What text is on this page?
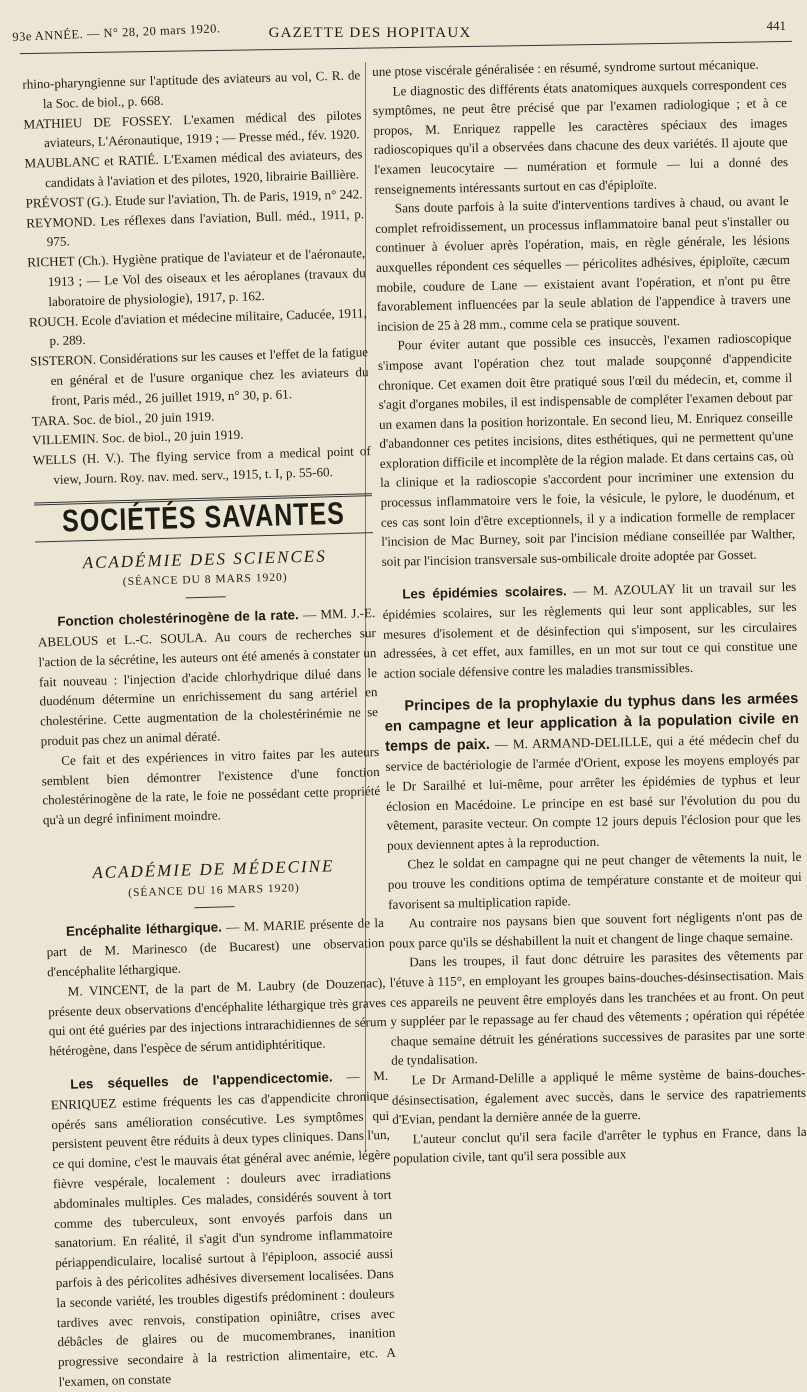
93e ANNÉE. — N° 28, 20 mars 1920.	GAZETTE DES HOPITAUX	441

rhino-pharyngienne sur l'aptitude des aviateurs au vol, C. R. de la Soc. de biol., p. 668.

MATHIEU DE FOSSEY. L'examen médical des pilotes aviateurs, L'Aéronautique, 1919 ; — Presse méd., fév. 1920.

MAUBLANC et RATIÉ. L'Examen médical des aviateurs, des candidats à l'aviation et des pilotes, 1920, librairie Baillière.

PRÉVOST (G.). Etude sur l'aviation, Th. de Paris, 1919, n° 242.

REYMOND. Les réflexes dans l'aviation, Bull. méd., 1911, p. 975.

RICHET (Ch.). Hygiène pratique de l'aviateur et de l'aéronaute, 1913 ; — Le Vol des oiseaux et les aéroplanes (travaux du laboratoire de physiologie), 1917, p. 162.

ROUCH. Ecole d'aviation et médecine militaire, Caducée, 1911, p. 289.

SISTERON. Considérations sur les causes et l'effet de la fatigue en général et de l'usure organique chez les aviateurs du front, Paris méd., 26 juillet 1919, n° 30, p. 61.

TARA. Soc. de biol., 20 juin 1919.

VILLEMIN. Soc. de biol., 20 juin 1919.

WELLS (H. V.). The flying service from a medical point of view, Journ. Roy. nav. med. serv., 1915, t. I, p. 55-60.

SOCIÉTÉS SAVANTES
ACADÉMIE DES SCIENCES
(SÉANCE DU 8 MARS 1920)

Fonction cholestérinogène de la rate. — MM. J.-E. ABELOUS et L.-C. SOULA. Au cours de recherches sur l'action de la sécrétine, les auteurs ont été amenés à constater un fait nouveau : l'injection d'acide chlorhydrique dilué dans le duodénum détermine un enrichissement du sang artériel en cholestérine. Cette augmentation de la cholestérinémie ne se produit pas chez un animal dératé.

Ce fait et des expériences in vitro faites par les auteurs semblent bien démontrer l'existence d'une fonction cholestérinogène de la rate, le foie ne possédant cette propriété qu'à un degré infiniment moindre.

ACADÉMIE DE MÉDECINE
(SÉANCE DU 16 MARS 1920)

Encéphalite léthargique. — M. MARIE présente de la part de M. Marinesco (de Bucarest) une observation d'encéphalite léthargique.

M. VINCENT, de la part de M. Laubry (de Douzenac), présente deux observations d'encéphalite léthargique très graves qui ont été guéries par des injections intrarachidiennes de sérum hétérogène, dans l'espèce de sérum antidiphtéritique.

Les séquelles de l'appendicectomie. — M. ENRIQUEZ estime fréquents les cas d'appendicite chronique opérés sans amélioration consécutive. Les symptômes qui persistent peuvent être réduits à deux types cliniques. Dans l'un, ce qui domine, c'est le mauvais état général avec anémie, légère fièvre vespérale, localement : douleurs avec irradiations abdominales multiples. Ces malades, considérés souvent à tort comme des tuberculeux, sont envoyés parfois dans un sanatorium. En réalité, il s'agit d'un syndrome inflammatoire périappendiculaire, localisé surtout à l'épiploon, associé aussi parfois à des péricolites adhésives diversement localisées. Dans la seconde variété, les troubles digestifs prédominent : douleurs tardives avec renvois, constipation opiniâtre, crises avec débâcles de glaires ou de mucomembranes, inanition progressive secondaire à la restriction alimentaire, etc. A l'examen, on constate

une ptose viscérale généralisée : en résumé, syndrome surtout mécanique.

Le diagnostic des différents états anatomiques auxquels correspondent ces symptômes, ne peut être précisé que par l'examen radiologique ; et à ce propos, M. Enriquez rappelle les caractères spéciaux des images radioscopiques qu'il a observées dans chacune des deux variétés. Il ajoute que l'examen leucocytaire — numération et formule — lui a donné des renseignements intéressants surtout en cas d'épiploïte.

Sans doute parfois à la suite d'interventions tardives à chaud, ou avant le complet refroidissement, un processus inflammatoire banal peut s'installer ou continuer à évoluer après l'opération, mais, en règle générale, les lésions auxquelles répondent ces séquelles — péricolites adhésives, épiploïte, cæcum mobile, coudure de Lane — existaient avant l'opération, et n'ont pu être favorablement influencées par la seule ablation de l'appendice à travers une incision de 25 à 28 mm., comme cela se pratique souvent.

Pour éviter autant que possible ces insuccès, l'examen radioscopique s'impose avant l'opération chez tout malade soupçonné d'appendicite chronique. Cet examen doit être pratiqué sous l'œil du médecin, et, comme il s'agit d'organes mobiles, il est indispensable de compléter l'examen debout par un examen dans la position horizontale. En second lieu, M. Enriquez conseille d'abandonner ces petites incisions, dites esthétiques, qui ne permettent qu'une exploration difficile et incomplète de la région malade. Et dans certains cas, où la clinique et la radioscopie s'accordent pour incriminer une extension du processus inflammatoire vers le foie, la vésicule, le pylore, le duodénum, et ces cas sont loin d'être exceptionnels, il y a indication formelle de remplacer l'incision de Mac Burney, soit par l'incision médiane conseillée par Walther, soit par l'incision transversale sus-ombilicale droite adoptée par Gosset.

Les épidémies scolaires. — M. AZOULAY lit un travail sur les épidémies scolaires, sur les règlements qui leur sont applicables, sur les mesures d'isolement et de désinfection qui s'imposent, sur les circulaires adressées, à cet effet, aux familles, en un mot sur tout ce qui constitue une action sociale défensive contre les maladies transmissibles.

Principes de la prophylaxie du typhus dans les armées en campagne et leur application à la population civile en temps de paix. — M. ARMAND-DELILLE, qui a été médecin chef du service de bactériologie de l'armée d'Orient, expose les moyens employés par le Dr Sarailhé et lui-même, pour arrêter les épidémies de typhus et leur éclosion en Macédoine. Le principe en est basé sur l'évolution du pou du vêtement, parasite vecteur. On compte 12 jours depuis l'éclosion pour que les poux deviennent aptes à la reproduction.

Chez le soldat en campagne qui ne peut changer de vêtements la nuit, le pou trouve les conditions optima de température constante et de moiteur qui favorisent sa multiplication rapide.

Au contraire nos paysans bien que souvent fort négligents n'ont pas de poux parce qu'ils se déshabillent la nuit et changent de linge chaque semaine.

Dans les troupes, il faut donc détruire les parasites des vêtements par l'étuve à 115°, en employant les groupes bains-douches-désinsectisation. Mais ces appareils ne peuvent être employés dans les tranchées et au front. On peut y suppléer par le repassage au fer chaud des vêtements ; opération qui répétée chaque semaine détruit les générations successives de parasites par une sorte de tyndalisation.

Le Dr Armand-Delille a appliqué le même système de bains-douches-désinsectisation, également avec succès, dans le service des rapatriements d'Evian, pendant la dernière année de la guerre.

L'auteur conclut qu'il sera facile d'arrêter le typhus en France, dans la population civile, tant qu'il sera possible aux
